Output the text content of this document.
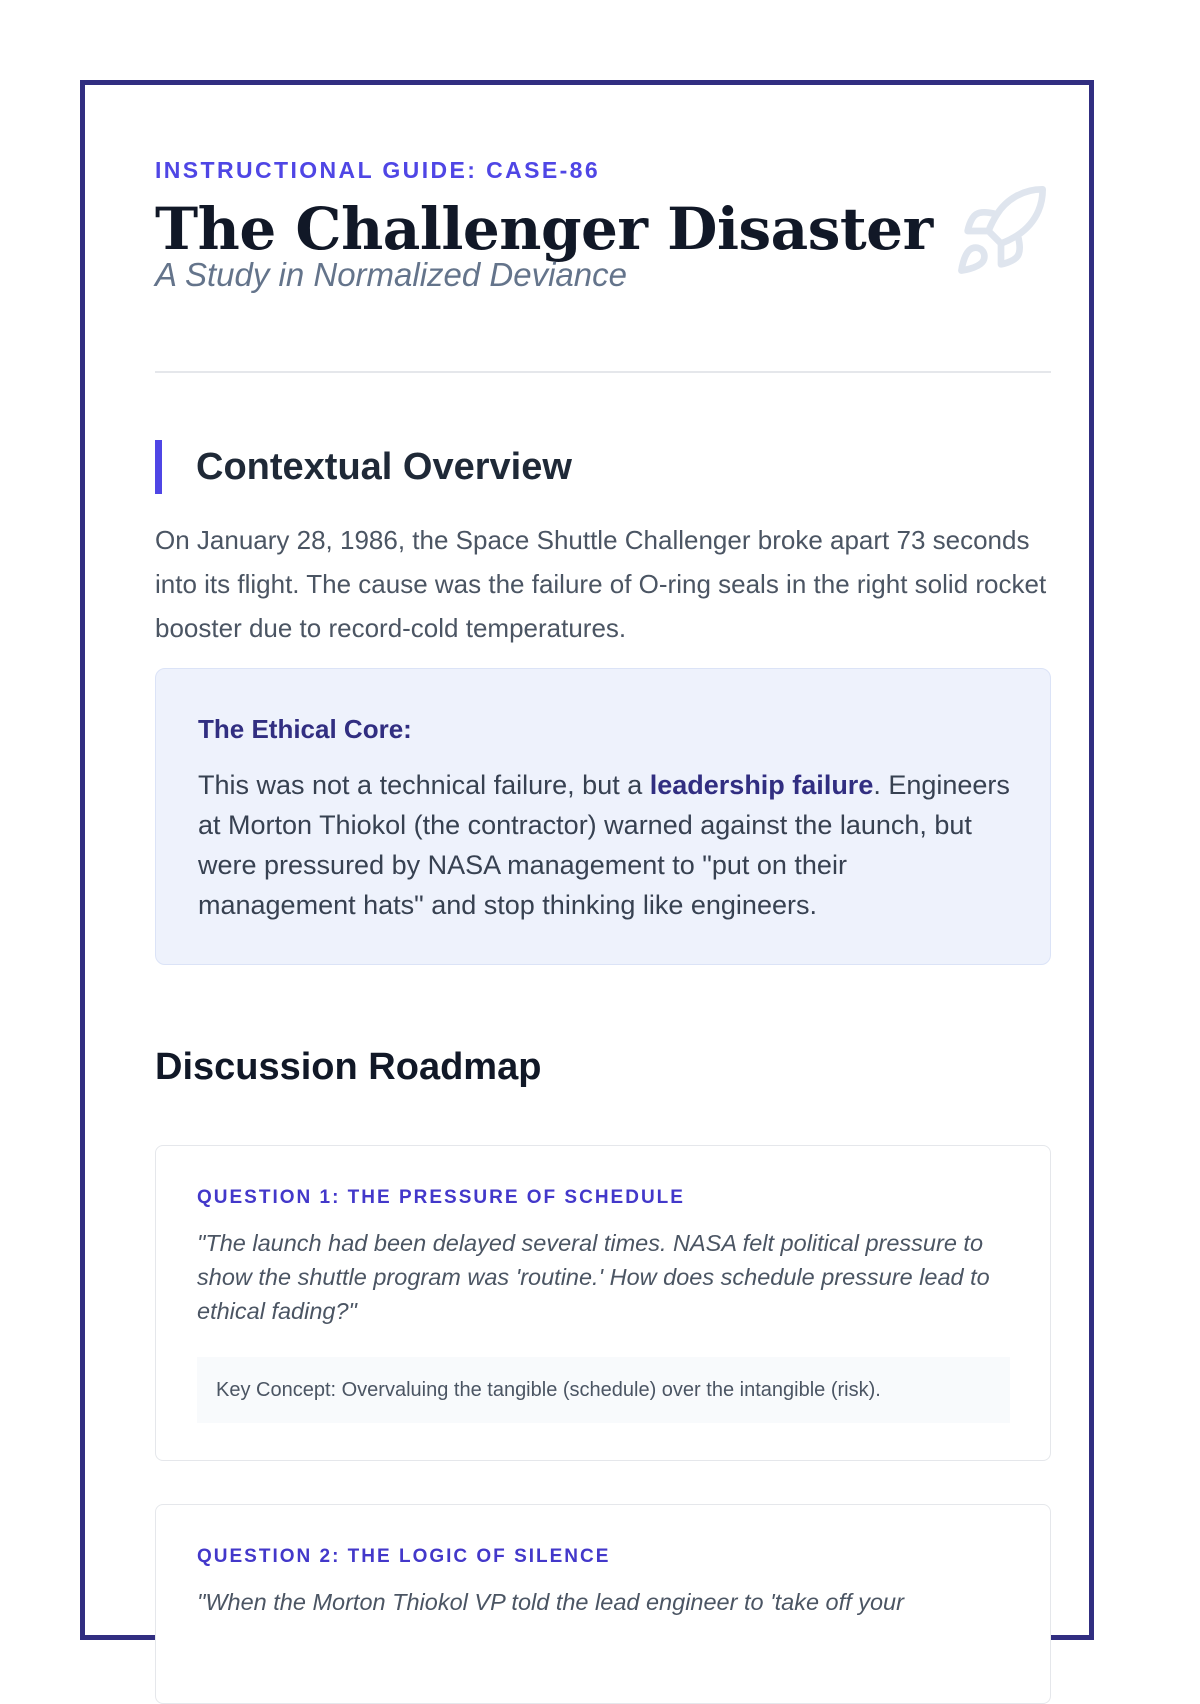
INSTRUCTIONAL GUIDE: CASE-86
The Challenger Disaster
A Study in Normalized Deviance
Contextual Overview
On January 28, 1986, the Space Shuttle Challenger broke apart 73 seconds into its flight. The cause was the failure of O-ring seals in the right solid rocket booster due to record-cold temperatures.
The Ethical Core:
This was not a technical failure, but a leadership failure. Engineers at Morton Thiokol (the contractor) warned against the launch, but were pressured by NASA management to "put on their management hats" and stop thinking like engineers.
Discussion Roadmap
QUESTION 1: THE PRESSURE OF SCHEDULE
"The launch had been delayed several times. NASA felt political pressure to show the shuttle program was 'routine.' How does schedule pressure lead to ethical fading?"
Key Concept: Overvaluing the tangible (schedule) over the intangible (risk).
QUESTION 2: THE LOGIC OF SILENCE
"When the Morton Thiokol VP told the lead engineer to 'take off your
